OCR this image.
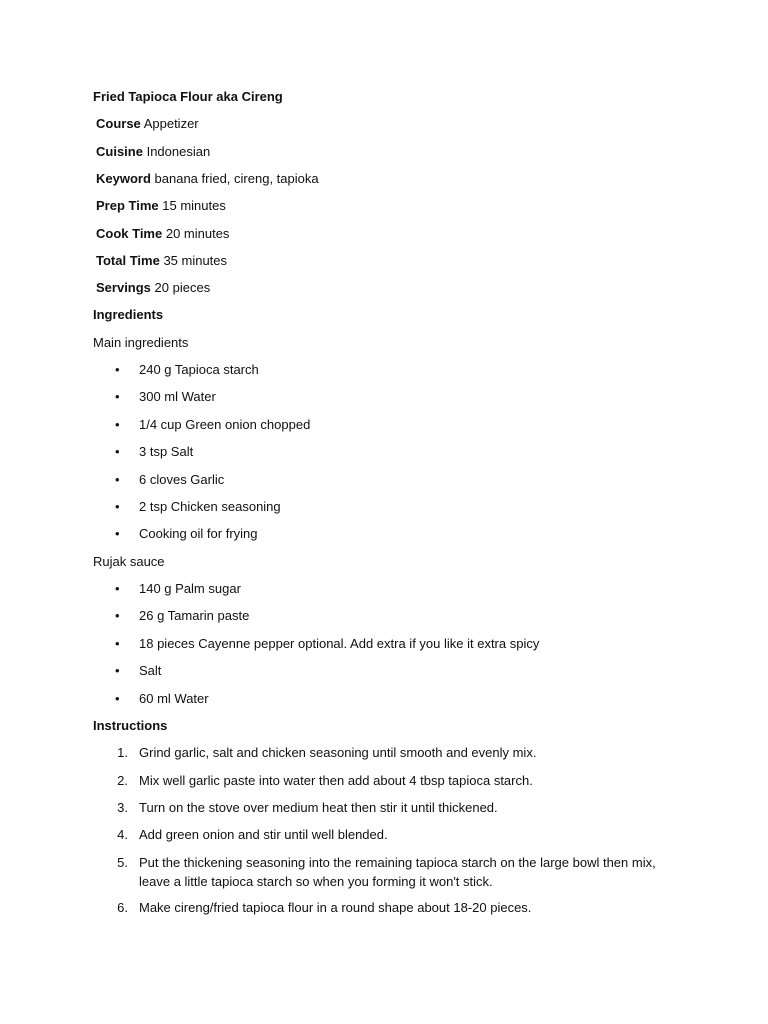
Fried Tapioca Flour aka Cireng
Course Appetizer
Cuisine Indonesian
Keyword banana fried, cireng, tapioka
Prep Time 15 minutes
Cook Time 20 minutes
Total Time 35 minutes
Servings 20 pieces
Ingredients
Main ingredients
• 240 g Tapioca starch
• 300 ml Water
• 1/4 cup Green onion chopped
• 3 tsp Salt
• 6 cloves Garlic
• 2 tsp Chicken seasoning
• Cooking oil for frying
Rujak sauce
• 140 g Palm sugar
• 26 g Tamarin paste
• 18 pieces Cayenne pepper optional. Add extra if you like it extra spicy
• Salt
• 60 ml Water
Instructions
1. Grind garlic, salt and chicken seasoning until smooth and evenly mix.
2. Mix well garlic paste into water then add about 4 tbsp tapioca starch.
3. Turn on the stove over medium heat then stir it until thickened.
4. Add green onion and stir until well blended.
5. Put the thickening seasoning into the remaining tapioca starch on the large bowl then mix, leave a little tapioca starch so when you forming it won't stick.
6. Make cireng/fried tapioca flour in a round shape about 18-20 pieces.
